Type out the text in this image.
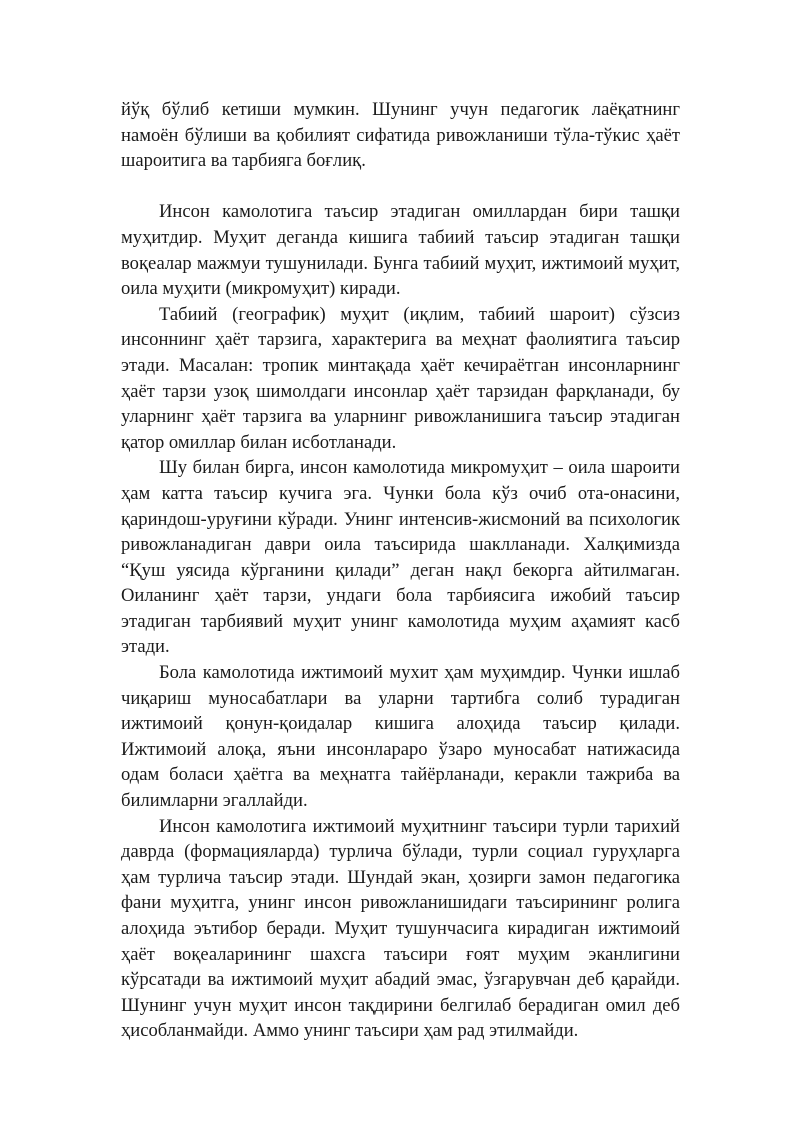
йўқ бўлиб кетиши мумкин. Шунинг учун педагогик лаёқатнинг намоён бўлиши ва қобилият сифатида ривожланиши тўла-тўкис ҳаёт шароитига ва тарбияга боғлиқ.

Инсон камолотига таъсир этадиган омиллардан бири ташқи муҳитдир. Муҳит деганда кишига табиий таъсир этадиган ташқи воқеалар мажмуи тушунилади. Бунга табиий муҳит, ижтимоий муҳит, оила муҳити (микромуҳит) киради.

Табиий (географик) муҳит (иқлим, табиий шароит) сўзсиз инсоннинг ҳаёт тарзига, характерига ва меҳнат фаолиятига таъсир этади. Масалан: тропик минтақада ҳаёт кечираётган инсонларнинг ҳаёт тарзи узоқ шимолдаги инсонлар ҳаёт тарзидан фарқланади, бу уларнинг ҳаёт тарзига ва уларнинг ривожланишига таъсир этадиган қатор омиллар билан исботланади.

Шу билан бирга, инсон камолотида микромуҳит – оила шароити ҳам катта таъсир кучига эга. Чунки бола кўз очиб ота-онасини, қариндош-уруғини кўради. Унинг интенсив-жисмоний ва психологик ривожланадиган даври оила таъсирида шаклланади. Халқимизда “Қуш уясида кўрганини қилади” деган нақл бекорга айтилмаган. Оиланинг ҳаёт тарзи, ундаги бола тарбиясига ижобий таъсир этадиган тарбиявий муҳит унинг камолотида муҳим аҳамият касб этади.

Бола камолотида ижтимоий мухит ҳам муҳимдир. Чунки ишлаб чиқариш муносабатлари ва уларни тартибга солиб турадиган ижтимоий қонун-қоидалар кишига алоҳида таъсир қилади. Ижтимоий алоқа, яъни инсонлараро ўзаро муносабат натижасида одам боласи ҳаётга ва меҳнатга тайёрланади, керакли тажриба ва билимларни эгаллайди.

Инсон камолотига ижтимоий муҳитнинг таъсири турли тарихий даврда (формацияларда) турлича бўлади, турли социал гуруҳларга ҳам турлича таъсир этади. Шундай экан, ҳозирги замон педагогика фани муҳитга, унинг инсон ривожланишидаги таъсирининг ролига алоҳида эътибор беради. Муҳит тушунчасига кирадиган ижтимоий ҳаёт воқеаларининг шахсга таъсири ғоят муҳим эканлигини кўрсатади ва ижтимоий муҳит абадий эмас, ўзгарувчан деб қарайди. Шунинг учун муҳит инсон тақдирини белгилаб берадиган омил деб ҳисобланмайди. Аммо унинг таъсири ҳам рад этилмайди.
